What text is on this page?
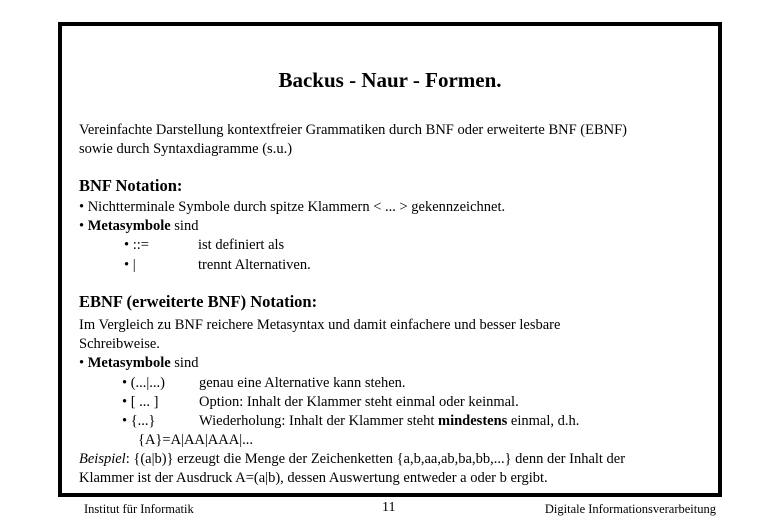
Backus - Naur - Formen.
Vereinfachte Darstellung kontextfreier Grammatiken durch BNF oder erweiterte BNF (EBNF)
sowie durch Syntaxdiagramme (s.u.)
BNF Notation:
• Nichtterminale Symbole durch spitze Klammern < ... > gekennzeichnet.
• Metasymbole sind
• ::=	ist definiert als
• |	trennt Alternativen.
EBNF (erweiterte BNF) Notation:
Im Vergleich zu BNF reichere Metasyntax und damit einfachere und besser lesbare
Schreibweise.
• Metasymbole sind
• (...|...) genau eine Alternative kann stehen.
• [ ... ]	Option: Inhalt der Klammer steht einmal oder keinmal.
• {...}	Wiederholung: Inhalt der Klammer steht mindestens einmal, d.h.
{A}=A|AA|AAA|...
Beispiel: {(a|b)} erzeugt die Menge der Zeichenketten {a,b,aa,ab,ba,bb,...} denn der Inhalt der
Klammer ist der Ausdruck A=(a|b), dessen Auswertung entweder a oder b ergibt.
Institut für Informatik	11	Digitale Informationsverarbeitung
